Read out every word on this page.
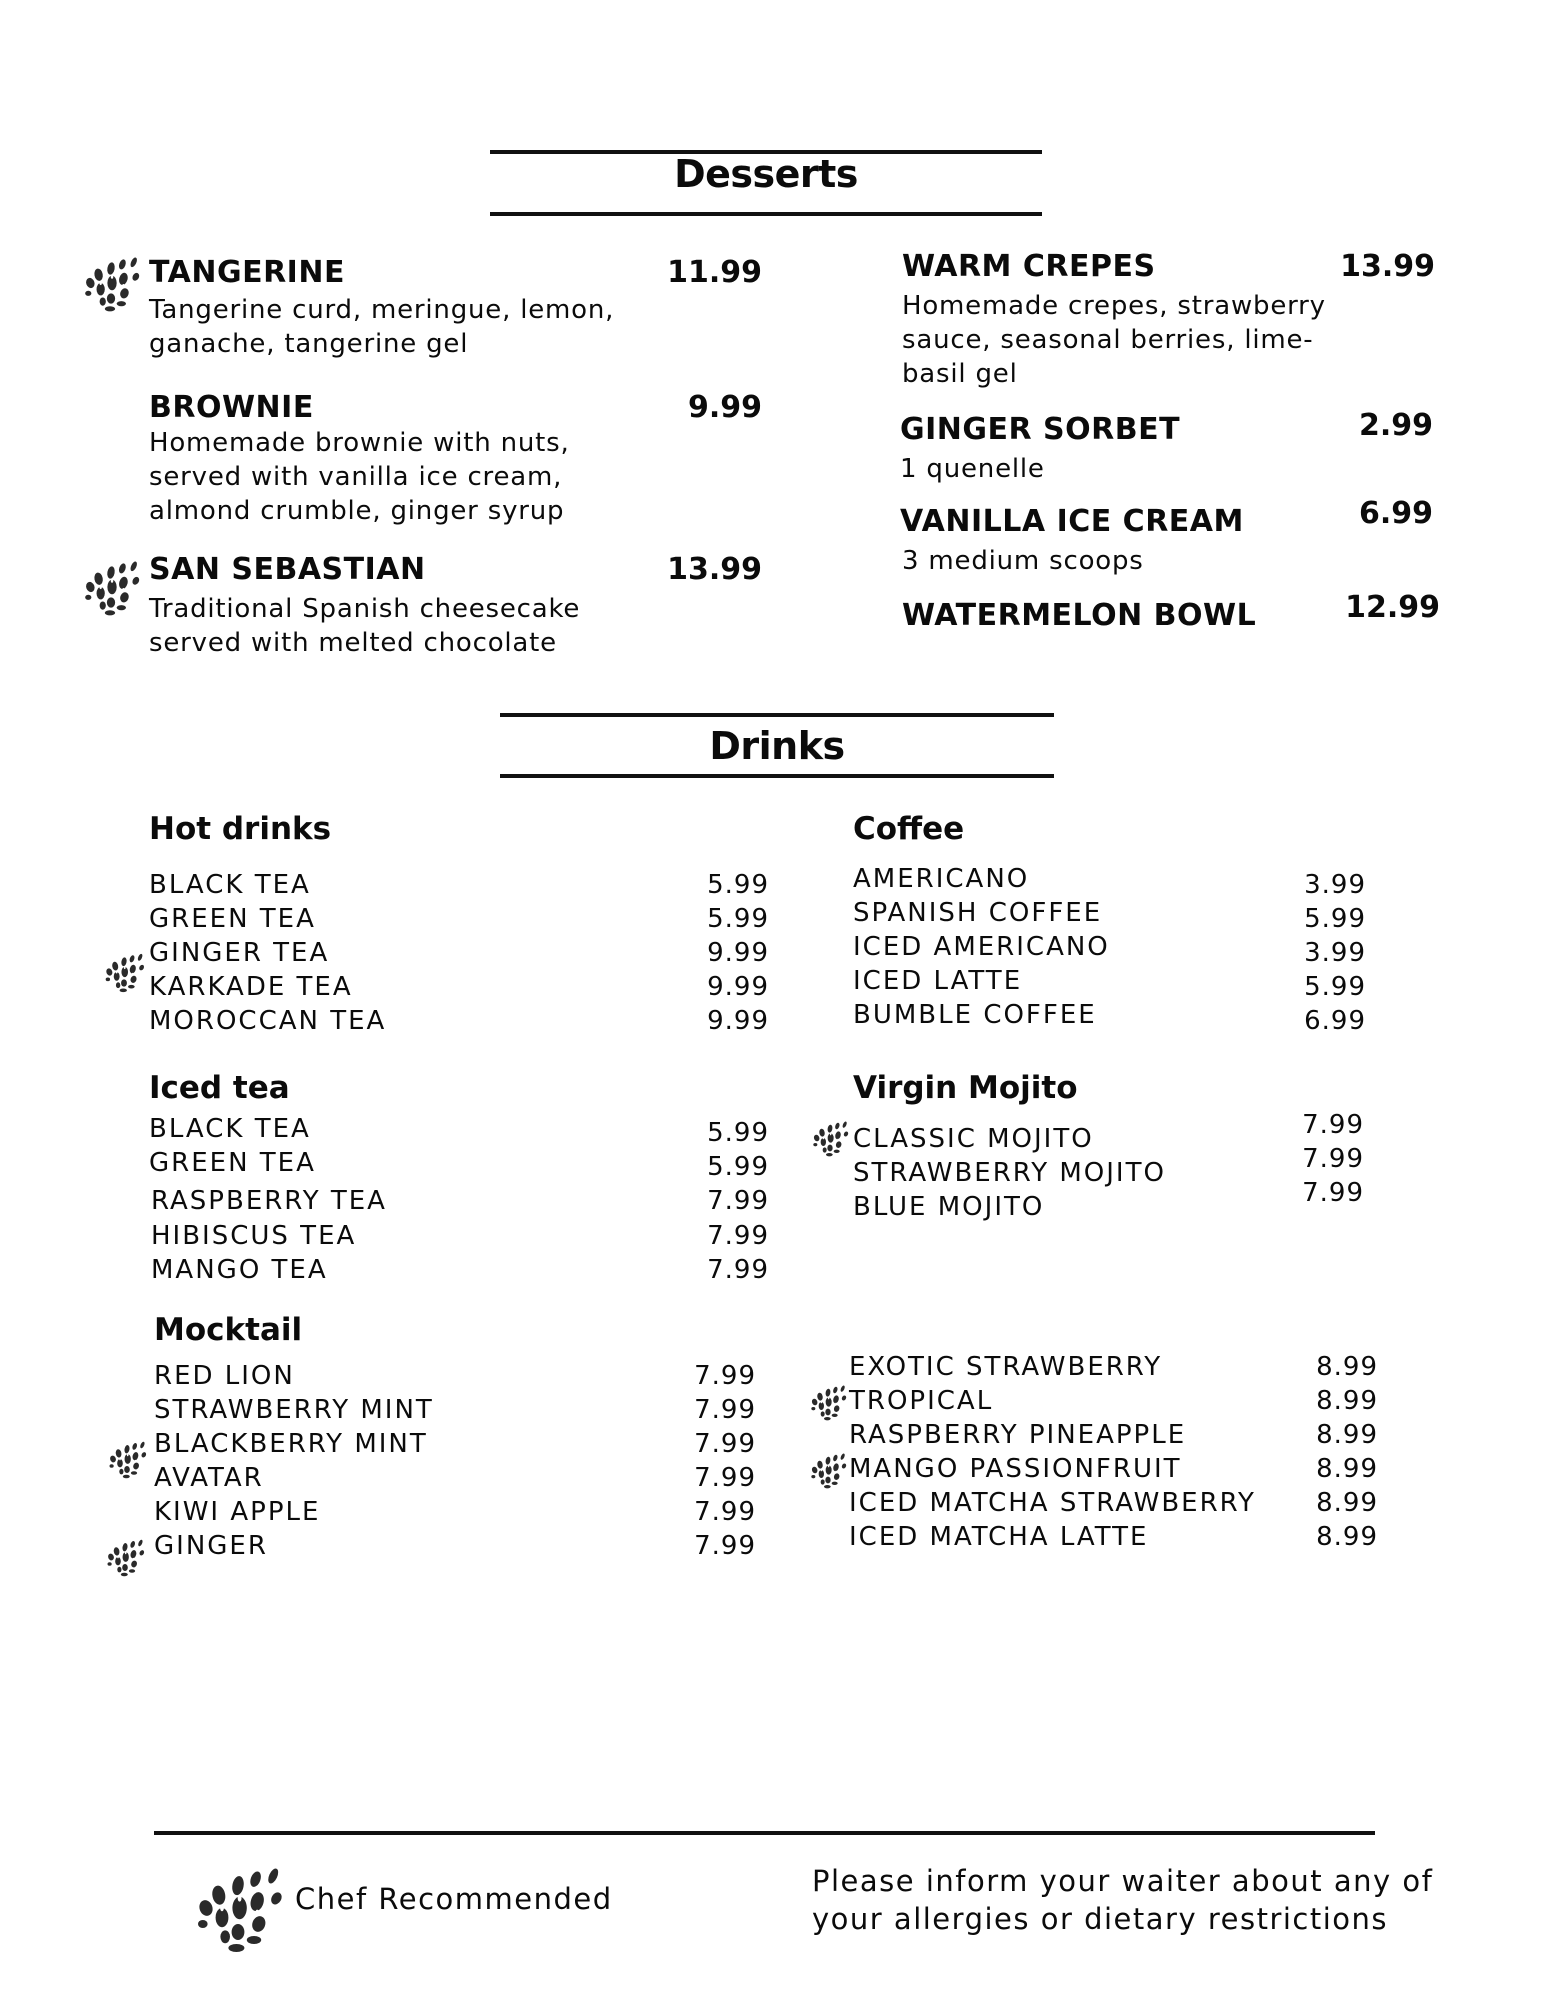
Desserts
TANGERINE	11.99
Tangerine curd, meringue, lemon, ganache, tangerine gel
BROWNIE	9.99
Homemade brownie with nuts, served with vanilla ice cream, almond crumble, ginger syrup
SAN SEBASTIAN	13.99
Traditional Spanish cheesecake served with melted chocolate
WARM CREPES	13.99
Homemade crepes, strawberry sauce, seasonal berries, lime-basil gel
GINGER SORBET	2.99
1 quenelle
VANILLA ICE CREAM	6.99
3 medium scoops
WATERMELON BOWL	12.99
Drinks
Hot drinks
BLACK TEA	5.99
GREEN TEA	5.99
GINGER TEA	9.99
KARKADE TEA	9.99
MOROCCAN TEA	9.99
Coffee
AMERICANO	3.99
SPANISH COFFEE	5.99
ICED AMERICANO	3.99
ICED LATTE	5.99
BUMBLE COFFEE	6.99
Iced tea
BLACK TEA	5.99
GREEN TEA	5.99
RASPBERRY TEA	7.99
HIBISCUS TEA	7.99
MANGO TEA	7.99
Virgin Mojito
CLASSIC MOJITO	7.99
STRAWBERRY MOJITO	7.99
BLUE MOJITO	7.99
Mocktail
RED LION	7.99
STRAWBERRY MINT	7.99
BLACKBERRY MINT	7.99
AVATAR	7.99
KIWI APPLE	7.99
GINGER	7.99
EXOTIC STRAWBERRY	8.99
TROPICAL	8.99
RASPBERRY PINEAPPLE	8.99
MANGO PASSIONFRUIT	8.99
ICED MATCHA STRAWBERRY	8.99
ICED MATCHA LATTE	8.99
Chef Recommended
Please inform your waiter about any of
your allergies or dietary restrictions
